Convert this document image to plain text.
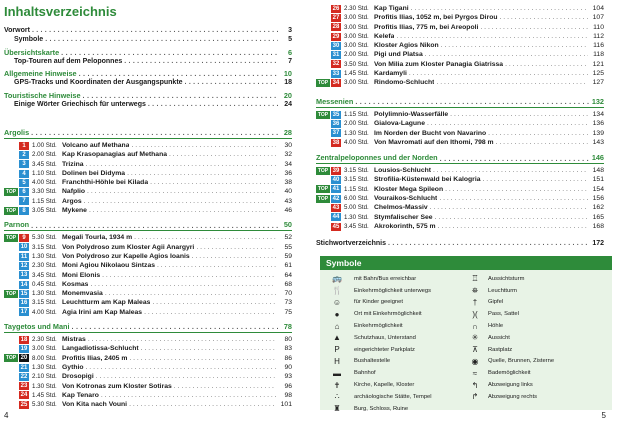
Inhaltsverzeichnis
Vorwort . . .	3
Symbole . . .	5
Übersichtskarte . . .	6
Top-Touren auf dem Peloponnes . . .	7
Allgemeine Hinweise . . .	10
GPS-Tracks und Koordinaten der Ausgangspunkte . . .	18
Touristische Hinweise . . .	20
Einige Wörter Griechisch für unterwegs . . .	24
Argolis . . .	28
1	1.00 Std. Volcano auf Methana . . .	30
2	2.00 Std. Kap Krasopanagias auf Methana . . .	32
3	3.45 Std. Trizina . . .	34
4	1.10 Std. Dolinen bei Didyma . . .	36
5	4.00 Std. Franchthi-Höhle bei Kilada . . .	38
TOP	6	3.30 Std. Nafplio . . .	40
7	1.15 Std. Argos . . .	43
TOP	8	3.05 Std. Mykene . . .	46
Parnon . . .	50
TOP	9	5.30 Std. Megali Tourla, 1934 m . . .	52
10 3.15 Std. Von Polydroso zum Kloster Agii Anargyri . . .	55
11 1.30 Std. Von Polydroso zur Kapelle Agios Ioanis . . .	59
12 2.30 Std. Moni Agiou Nikolaou Sintzas . . .	61
13 3.45 Std. Moni Elonis . . .	64
14 0.45 Std. Kosmas . . .	68
TOP 15 1.30 Std. Monemvasia . . .	70
16 3.15 Std. Leuchtturm am Kap Maleas . . .	73
17 4.00 Std. Agia Irini am Kap Maleas . . .	75
Taygetos und Mani . . .	78
18 2.30 Std. Mistras . . .	80
19 3.00 Std. Langadiotissa-Schlucht . . .	83
TOP 20 8.00 Std. Profitis Ilias, 2405 m . . .	86
21 1.30 Std. Gythio . . .	90
22 2.10 Std. Drosopigi . . .	93
23 1.30 Std. Von Kotronas zum Kloster Sotiras . . .	96
24 1.45 Std. Kap Tenaro . . .	98
25 5.30 Std. Von Kita nach Vouni . . .	101
4
26 2.30 Std. Kap Tigani . . .	104
27 3.00 Std. Profitis Ilias, 1052 m, bei Pyrgos Dirou . . .	107
28 3.00 Std. Profitis Ilias, 775 m, bei Areopoli . . .	110
29 3.00 Std. Kelefa . . .	112
30 3.00 Std. Kloster Agios Nikon . . .	116
31 2.00 Std. Pigi und Platsa . . .	118
32 3.50 Std. Von Milia zum Kloster Panagia Giatrissa . . .	121
33 1.45 Std. Kardamyli . . .	125
TOP 34 3.00 Std. Rindomo-Schlucht . . .	127
Messenien . . .	132
TOP 35 1.15 Std. Polylimnio-Wasserfälle . . .	134
36 2.00 Std. Gialova-Lagune . . .	136
37 1.30 Std. Im Norden der Bucht von Navarino . . .	139
38 4.00 Std. Von Mavromati auf den Ithomi, 798 m . . .	143
Zentralpeloponnes und der Norden . . .	146
TOP 39 3.15 Std. Lousios-Schlucht . . .	148
40 3.15 Std. Strofilia-Küstenwald bei Kalogria . . .	151
TOP 41 1.15 Std. Kloster Mega Spileon . . .	154
TOP 42 6.00 Std. Vouraikos-Schlucht . . .	156
43 5.00 Std. Chelmos-Massiv . . .	162
44 1.30 Std. Stymfalischer See . . .	165
45 3.45 Std. Akrokorinth, 575 m . . .	168
Stichwortverzeichnis . . .	172
Symbole
🚌	mit Bahn/Bus erreichbar
🍴	Einkehrmöglichkeit unterwegs
☺	für Kinder geeignet
●	Ort mit Einkehrmöglichkeit
⌂	Einkehrmöglichkeit
▲	Schutzhaus, Unterstand
P	eingerichteter Parkplatz
H	Bushaltestelle
▬	Bahnhof
✝	Kirche, Kapelle, Kloster
∴	archäologische Stätte, Tempel
♜	Burg, Schloss, Ruine
♖	Aussichtsturm
⛯	Leuchtturm
†	Gipfel
)(	Pass, Sattel
∩	Höhle
✳	Aussicht
⊼	Rastplatz
◉	Quelle, Brunnen, Zisterne
≈	Bademöglichkeit
↰	Abzweigung links
↱	Abzweigung rechts
5
